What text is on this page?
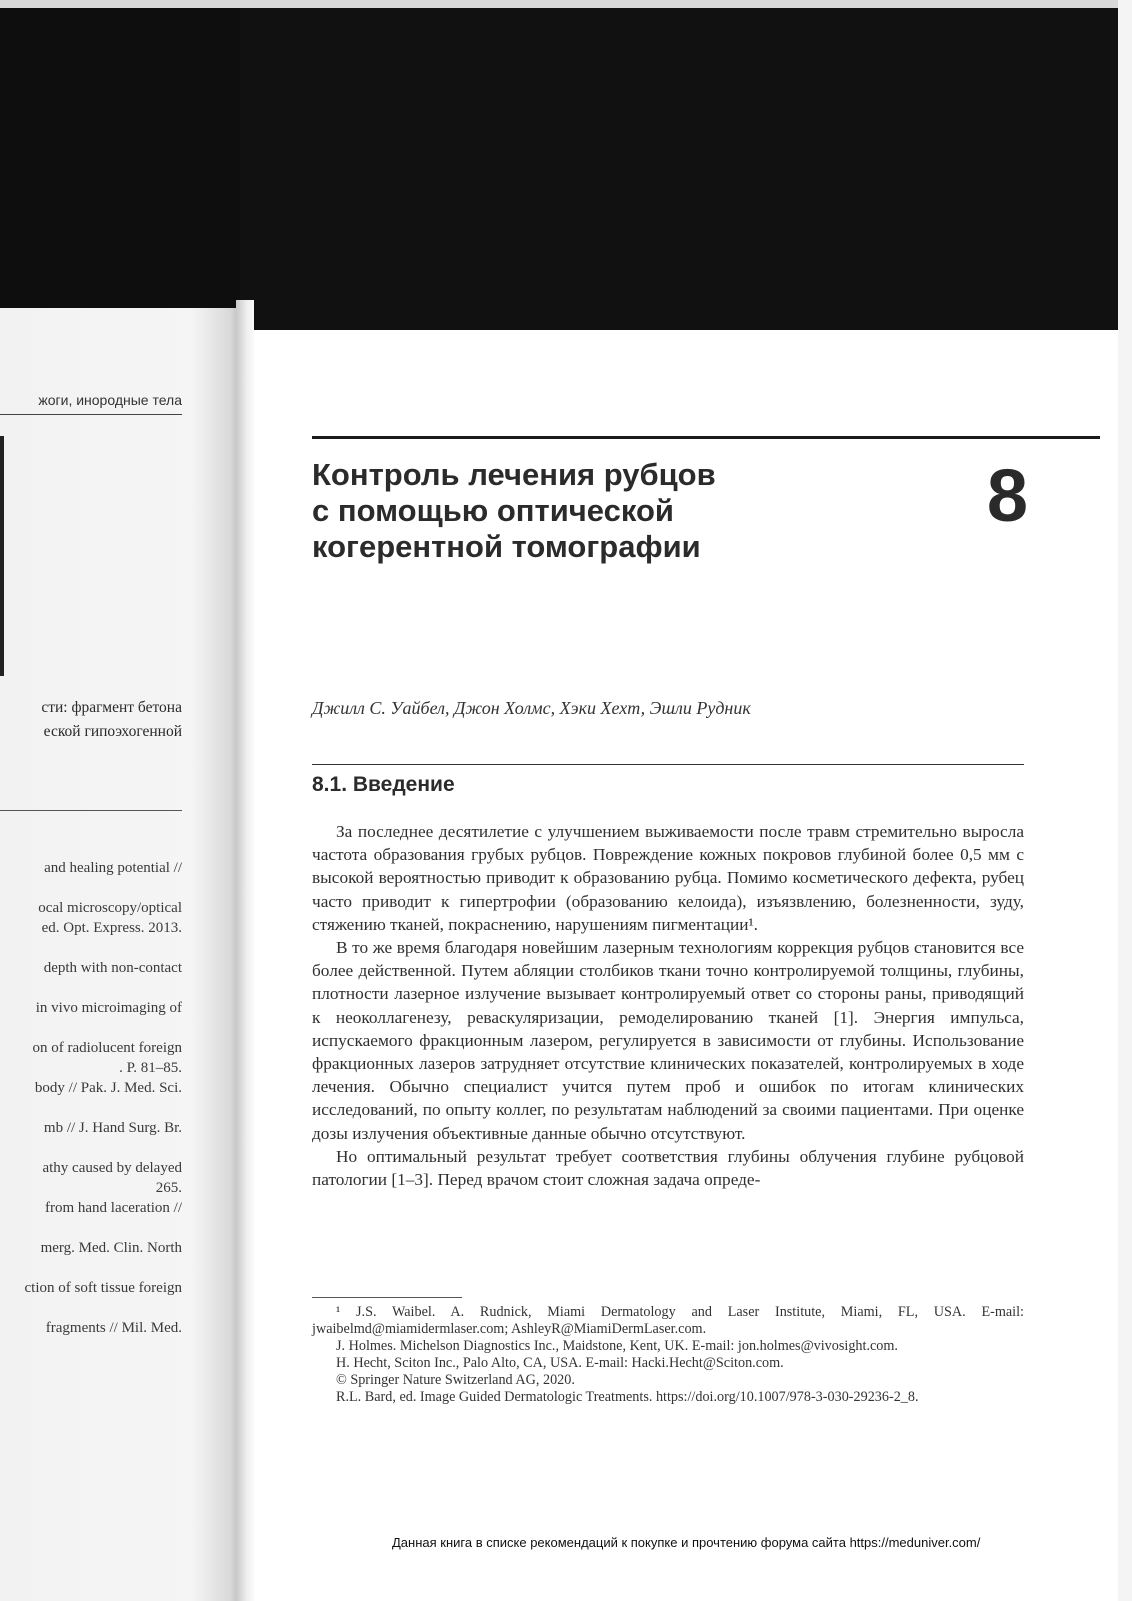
жоги, инородные тела
сти: фрагмент бетона
еской гипоэхогенной
and healing potential //

ocal microscopy/optical
ed. Opt. Express. 2013.

depth with non-contact

in vivo microimaging of

on of radiolucent foreign
. P. 81–85.
body // Pak. J. Med. Sci.

mb // J. Hand Surg. Br.

athy caused by delayed
265.
from hand laceration //

merg. Med. Clin. North

ction of soft tissue foreign

fragments // Mil. Med.
Контроль лечения рубцов
с помощью оптической
когерентной томографии
8
Джилл С. Уайбел, Джон Холмс, Хэки Хехт, Эшли Рудник
8.1. Введение

За последнее десятилетие с улучшением выживаемости после травм стремительно выросла частота образования грубых рубцов. Повреждение кожных покровов глубиной более 0,5 мм с высокой вероятностью приводит к образованию рубца. Помимо косметического дефекта, рубец часто приводит к гипертрофии (образованию келоида), изъязвлению, болезненности, зуду, стяжению тканей, покраснению, нарушениям пигментации¹.

В то же время благодаря новейшим лазерным технологиям коррекция рубцов становится все более действенной. Путем абляции столбиков ткани точно контролируемой толщины, глубины, плотности лазерное излучение вызывает контролируемый ответ со стороны раны, приводящий к неоколлагенезу, реваскуляризации, ремоделированию тканей [1]. Энергия импульса, испускаемого фракционным лазером, регулируется в зависимости от глубины. Использование фракционных лазеров затрудняет отсутствие клинических показателей, контролируемых в ходе лечения. Обычно специалист учится путем проб и ошибок по итогам клинических исследований, по опыту коллег, по результатам наблюдений за своими пациентами. При оценке дозы излучения объективные данные обычно отсутствуют.

Но оптимальный результат требует соответствия глубины облучения глубине рубцовой патологии [1–3]. Перед врачом стоит сложная задача опреде-

¹ J.S. Waibel. A. Rudnick, Miami Dermatology and Laser Institute, Miami, FL, USA. E-mail: jwaibelmd@miamidermlaser.com; AshleyR@MiamiDermLaser.com.

J. Holmes. Michelson Diagnostics Inc., Maidstone, Kent, UK. E-mail: jon.holmes@vivosight.com.

H. Hecht, Sciton Inc., Palo Alto, CA, USA. E-mail: Hacki.Hecht@Sciton.com.

© Springer Nature Switzerland AG, 2020.

R.L. Bard, ed. Image Guided Dermatologic Treatments. https://doi.org/10.1007/978-3-030-29236-2_8.

Данная книга в списке рекомендаций к покупке и прочтению форума сайта https://meduniver.com/
